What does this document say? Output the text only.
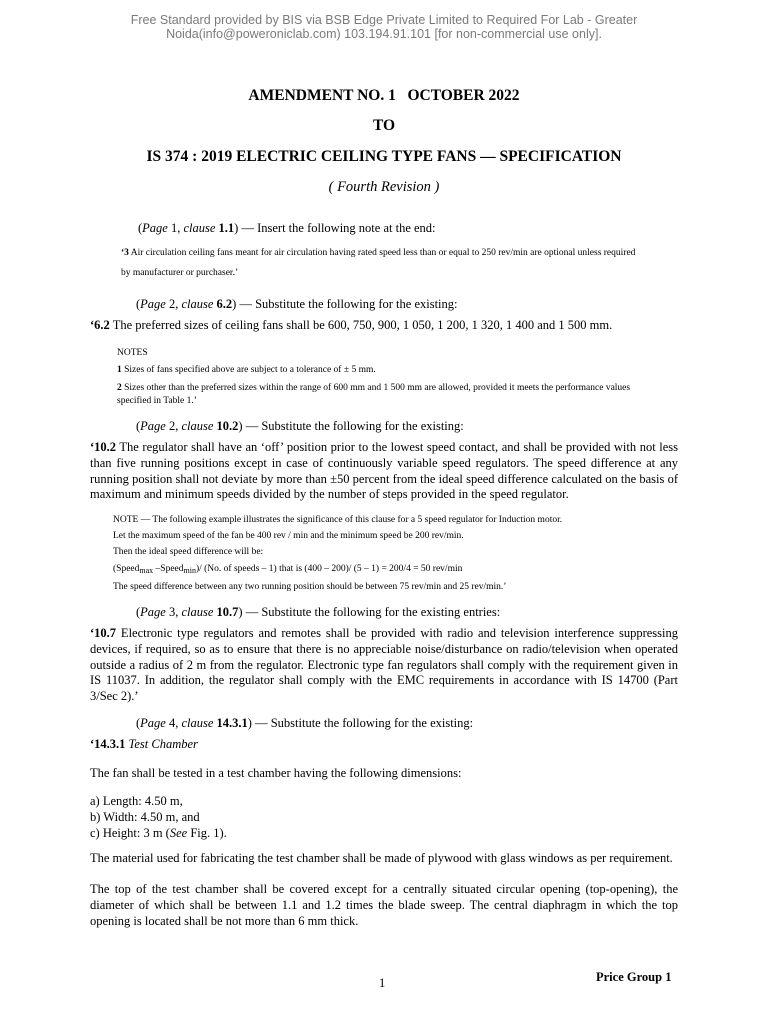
Free Standard provided by BIS via BSB Edge Private Limited to Required For Lab - Greater
Noida(info@poweroniclab.com) 103.194.91.101 [for non-commercial use only].
AMENDMENT NO. 1   OCTOBER 2022
TO
IS 374 : 2019 ELECTRIC CEILING TYPE FANS — SPECIFICATION
( Fourth Revision )
(Page 1, clause 1.1) — Insert the following note at the end:
‘3 Air circulation ceiling fans meant for air circulation having rated speed less than or equal to 250 rev/min are optional unless required
by manufacturer or purchaser.’
(Page 2, clause 6.2) — Substitute the following for the existing:
‘6.2 The preferred sizes of ceiling fans shall be 600, 750, 900, 1 050, 1 200, 1 320, 1 400 and 1 500 mm.
NOTES
1 Sizes of fans specified above are subject to a tolerance of ± 5 mm.
2 Sizes other than the preferred sizes within the range of 600 mm and 1 500 mm are allowed, provided it meets the performance values
specified in Table 1.’
(Page 2, clause 10.2) — Substitute the following for the existing:
‘10.2 The regulator shall have an ‘off’ position prior to the lowest speed contact, and shall be provided with not less than five running positions except in case of continuously variable speed regulators. The speed difference at any running position shall not deviate by more than ±50 percent from the ideal speed difference calculated on the basis of maximum and minimum speeds divided by the number of steps provided in the speed regulator.
NOTE — The following example illustrates the significance of this clause for a 5 speed regulator for Induction motor.
Let the maximum speed of the fan be 400 rev / min and the minimum speed be 200 rev/min.
Then the ideal speed difference will be:
(Speed$_{max}$ –Speed$_{min}$)/ (No. of speeds – 1) that is (400 – 200)/ (5 – 1) = 200/4 = 50 rev/min
The speed difference between any two running position should be between 75 rev/min and 25 rev/min.’
(Page 3, clause 10.7) — Substitute the following for the existing entries:
‘10.7 Electronic type regulators and remotes shall be provided with radio and television interference suppressing devices, if required, so as to ensure that there is no appreciable noise/disturbance on radio/television when operated outside a radius of 2 m from the regulator. Electronic type fan regulators shall comply with the requirement given in IS 11037. In addition, the regulator shall comply with the EMC requirements in accordance with IS 14700 (Part 3/Sec 2).’
(Page 4, clause 14.3.1) — Substitute the following for the existing:
‘14.3.1 Test Chamber
The fan shall be tested in a test chamber having the following dimensions:
a) Length: 4.50 m,
b) Width: 4.50 m, and
c) Height: 3 m (See Fig. 1).
The material used for fabricating the test chamber shall be made of plywood with glass windows as per requirement.
The top of the test chamber shall be covered except for a centrally situated circular opening (top-opening), the diameter of which shall be between 1.1 and 1.2 times the blade sweep. The central diaphragm in which the top opening is located shall be not more than 6 mm thick.
1	Price Group 1
